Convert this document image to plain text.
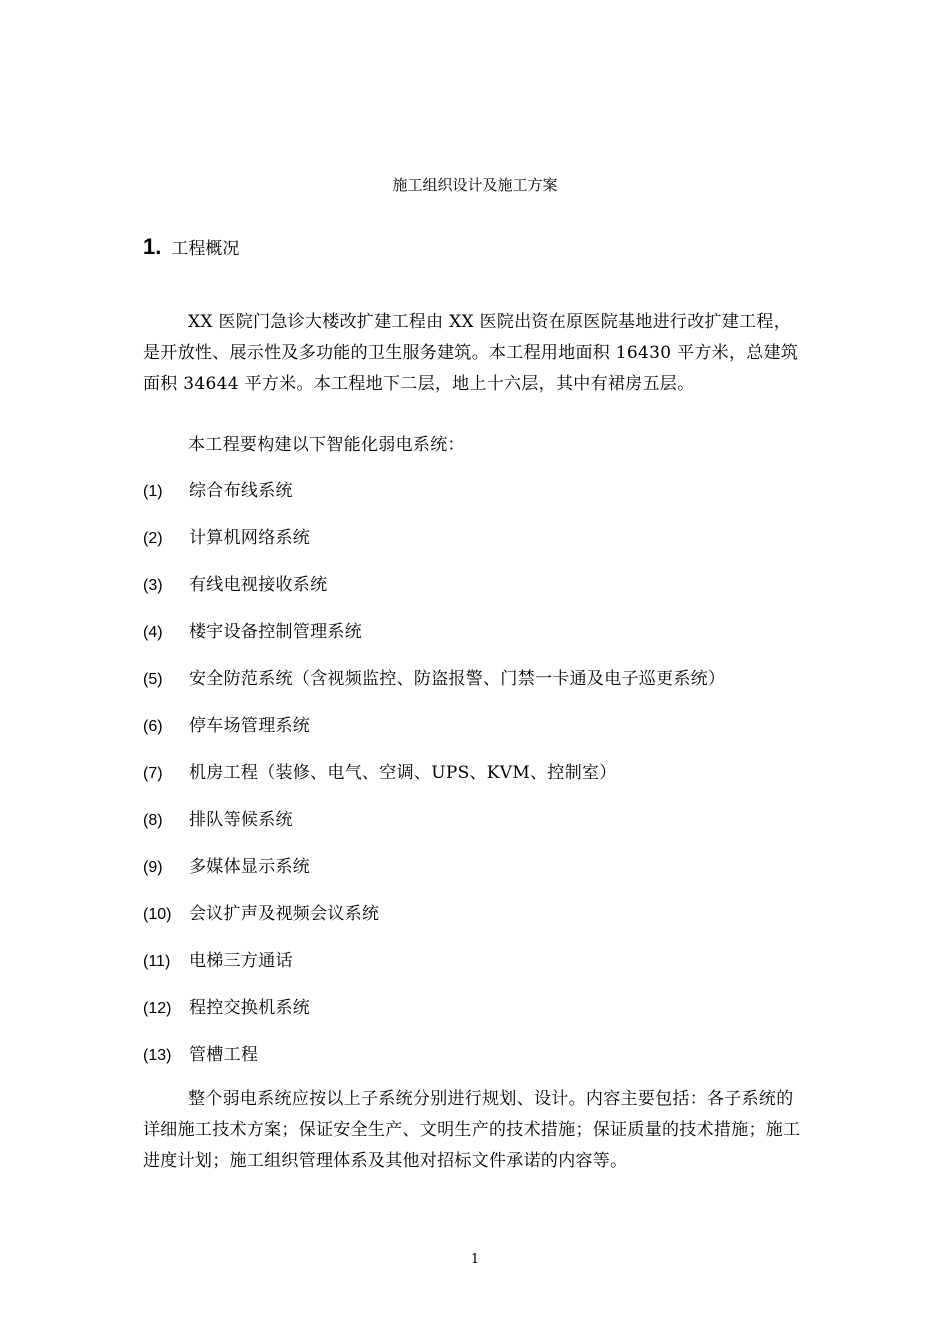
施工组织设计及施工方案
1. 工程概况

XX 医院门急诊大楼改扩建工程由 XX 医院出资在原医院基地进行改扩建工程，是开放性、展示性及多功能的卫生服务建筑。本工程用地面积 16430 平方米，总建筑面积 34644 平方米。本工程地下二层，地上十六层，其中有裙房五层。

本工程要构建以下智能化弱电系统：

(1)	综合布线系统
(2)	计算机网络系统
(3)	有线电视接收系统
(4)	楼宇设备控制管理系统
(5)	安全防范系统（含视频监控、防盗报警、门禁一卡通及电子巡更系统）
(6)	停车场管理系统
(7)	机房工程（装修、电气、空调、UPS、KVM、控制室）
(8)	排队等候系统
(9)	多媒体显示系统
(10)	会议扩声及视频会议系统
(11)	电梯三方通话
(12)	程控交换机系统
(13)	管槽工程

整个弱电系统应按以上子系统分别进行规划、设计。内容主要包括：各子系统的详细施工技术方案；保证安全生产、文明生产的技术措施；保证质量的技术措施；施工进度计划；施工组织管理体系及其他对招标文件承诺的内容等。

1
